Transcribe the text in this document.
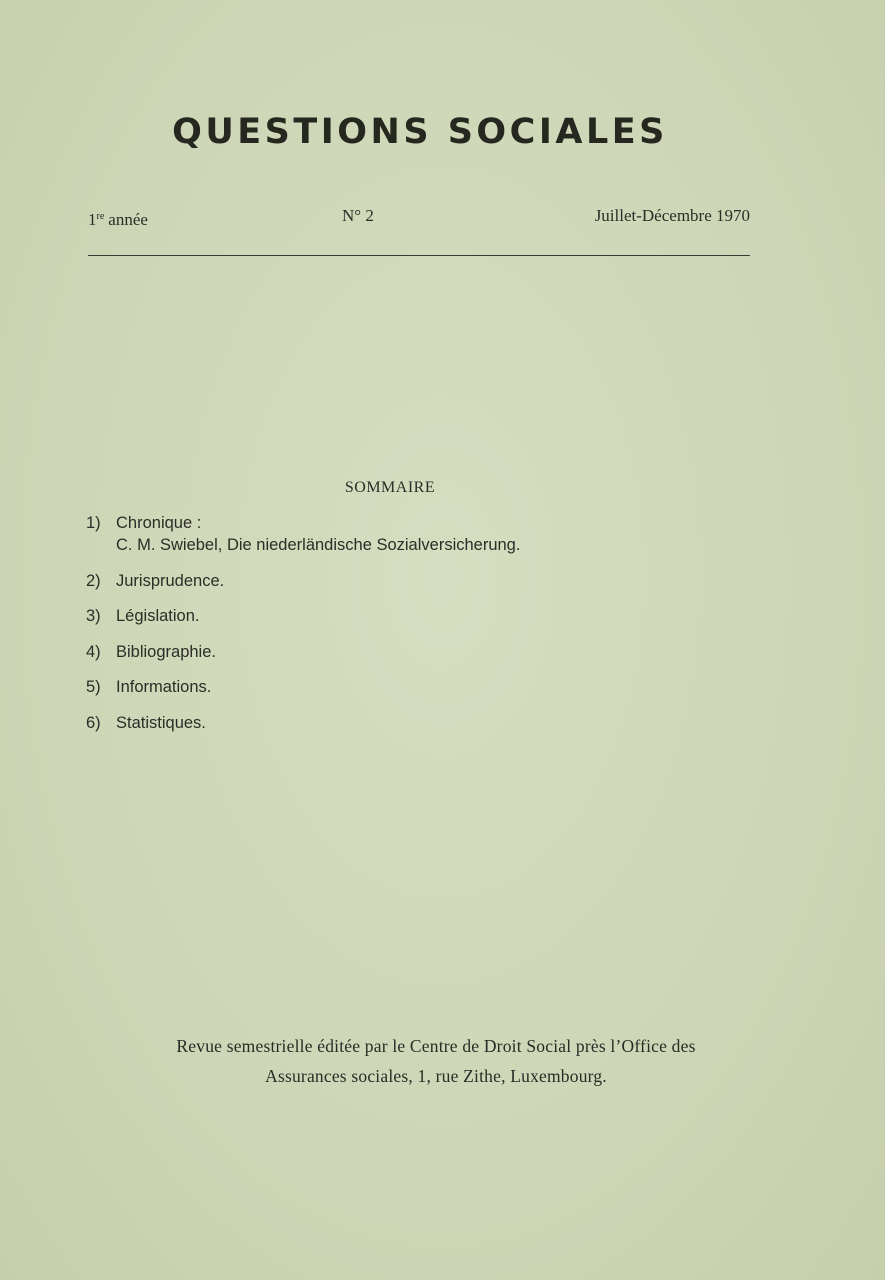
QUESTIONS SOCIALES
1re année	N° 2	Juillet-Décembre 1970
SOMMAIRE
1) Chronique :
C. M. Swiebel, Die niederländische Sozialversicherung.
2) Jurisprudence.
3) Législation.
4) Bibliographie.
5) Informations.
6) Statistiques.
Revue semestrielle éditée par le Centre de Droit Social près l’Office des
Assurances sociales, 1, rue Zithe, Luxembourg.
